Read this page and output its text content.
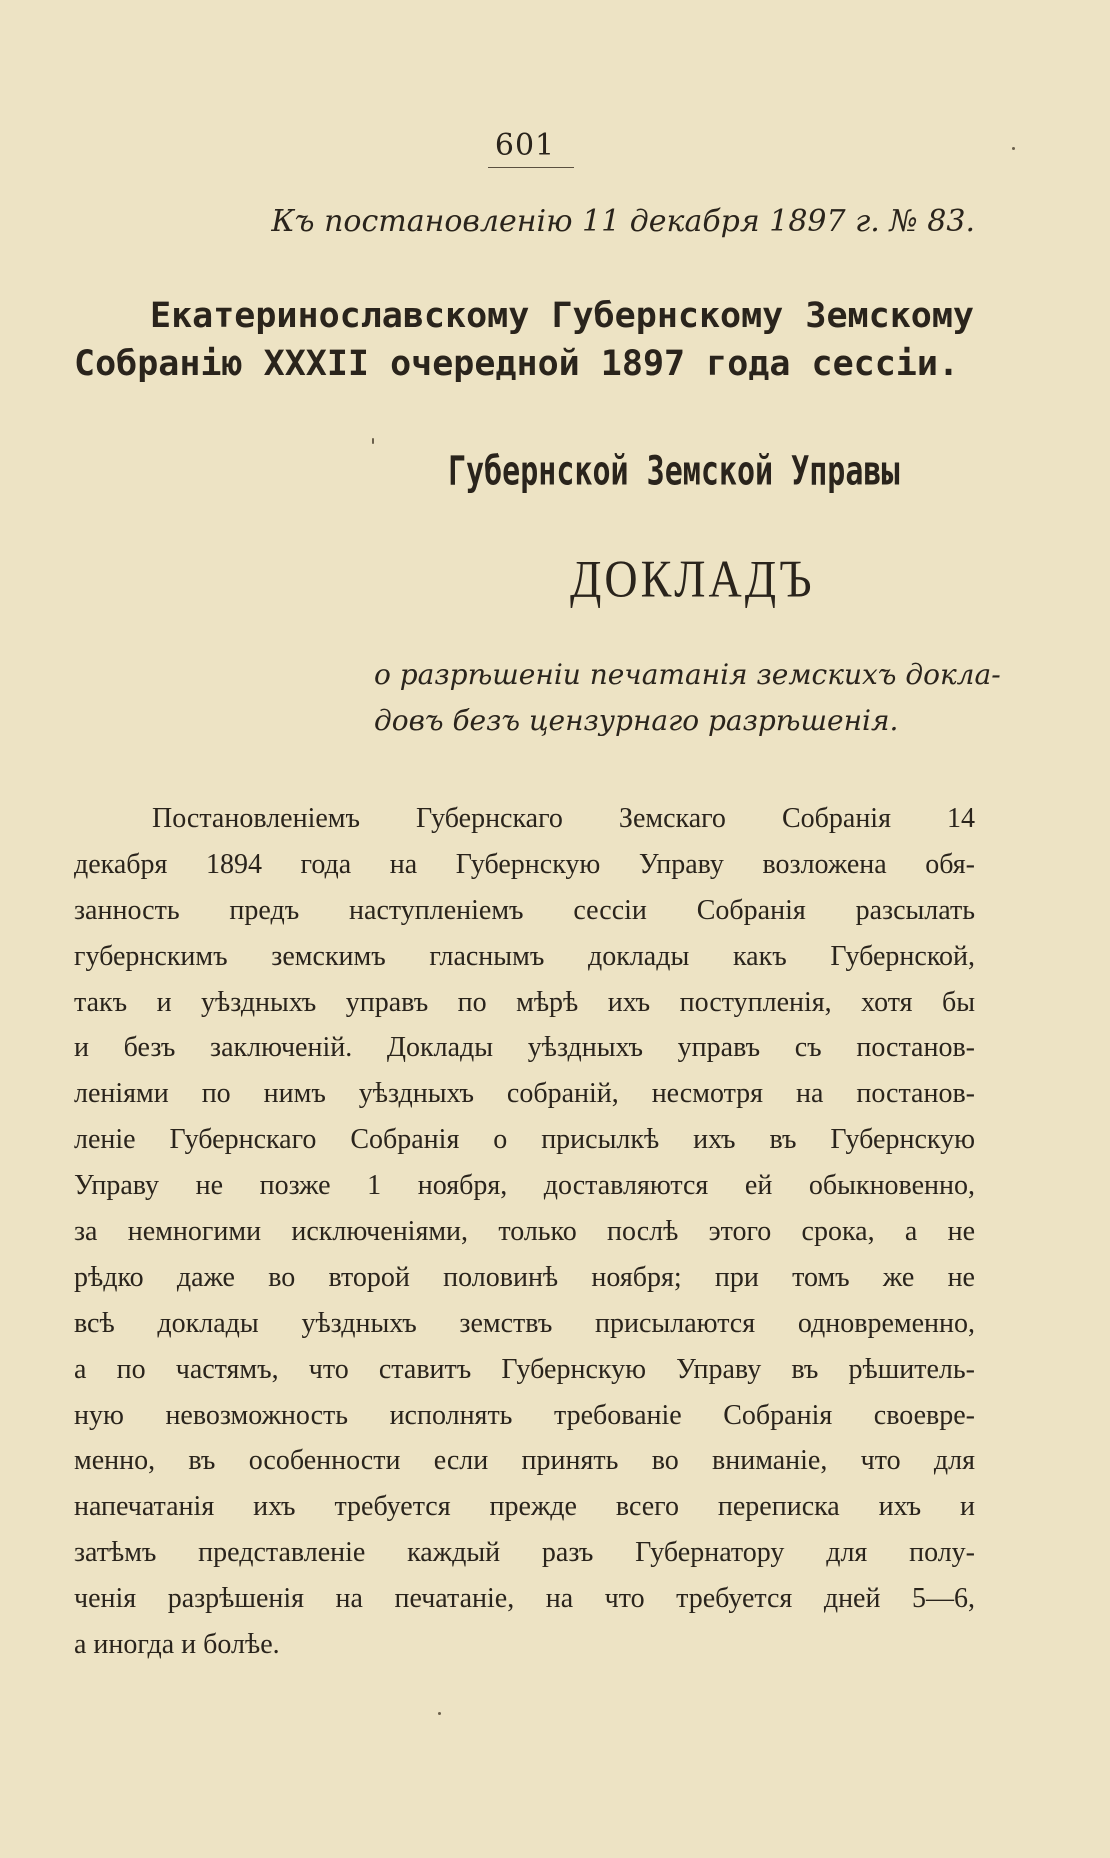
601
Къ постановленію 11 декабря 1897 г. № 83.
Екатеринославскому Губернскому Земскому
Собранію XXXII очередной 1897 года сессіи.
Губернской Земской Управы
ДОКЛАДЪ
о разрѣшеніи печатанія земскихъ докла-
довъ безъ цензурнаго разрѣшенія.
Постановленіемъ Губернскаго Земскаго Собранія 14
декабря 1894 года на Губернскую Управу возложена обя-
занность предъ наступленіемъ сессіи Собранія разсылать
губернскимъ земскимъ гласнымъ доклады какъ Губернской,
такъ и уѣздныхъ управъ по мѣрѣ ихъ поступленія, хотя бы
и безъ заключеній. Доклады уѣздныхъ управъ съ постанов-
леніями по нимъ уѣздныхъ собраній, несмотря на постанов-
леніе Губернскаго Собранія о присылкѣ ихъ въ Губернскую
Управу не позже 1 ноября, доставляются ей обыкновенно,
за немногими исключеніями, только послѣ этого срока, а не
рѣдко даже во второй половинѣ ноября; при томъ же не
всѣ доклады уѣздныхъ земствъ присылаются одновременно,
а по частямъ, что ставитъ Губернскую Управу въ рѣшитель-
ную невозможность исполнять требованіе Собранія своевре-
менно, въ особенности если принять во вниманіе, что для
напечатанія ихъ требуется прежде всего переписка ихъ и
затѣмъ представленіе каждый разъ Губернатору для полу-
ченія разрѣшенія на печатаніе, на что требуется дней 5—6,
а иногда и болѣе.
